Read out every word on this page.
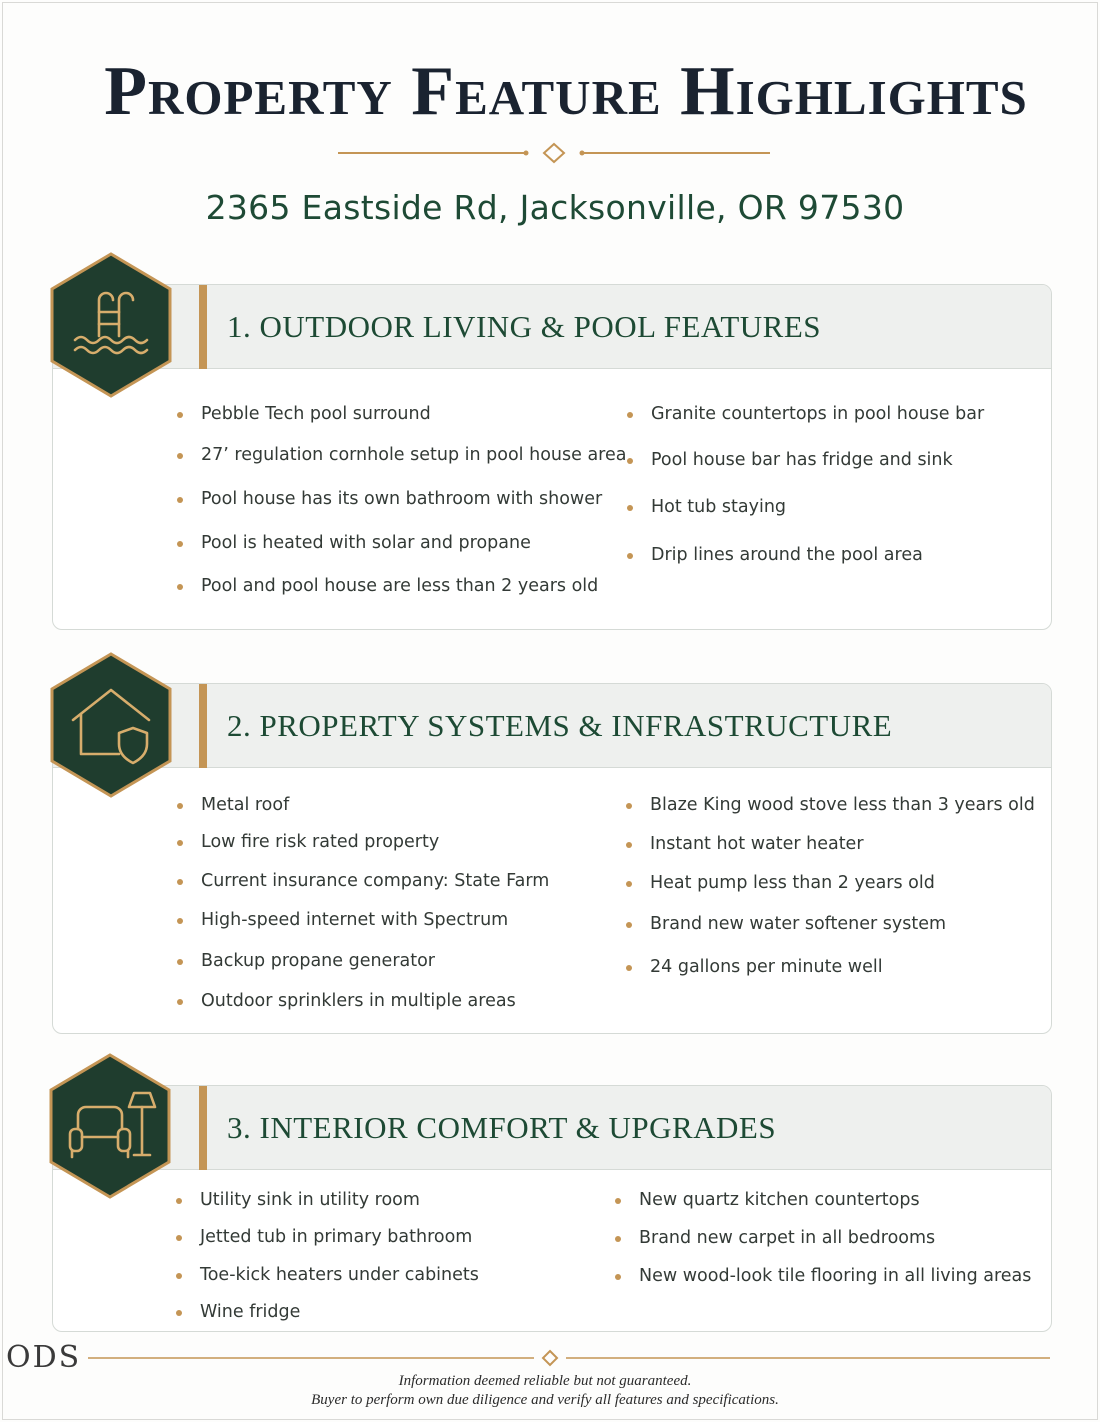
Property Feature Highlights
2365 Eastside Rd, Jacksonville, OR 97530
1. OUTDOOR LIVING & POOL FEATURES
Pebble Tech pool surround
27’ regulation cornhole setup in pool house area
Pool house has its own bathroom with shower
Pool is heated with solar and propane
Pool and pool house are less than 2 years old
Granite countertops in pool house bar
Pool house bar has fridge and sink
Hot tub staying
Drip lines around the pool area
2. PROPERTY SYSTEMS & INFRASTRUCTURE
Metal roof
Low fire risk rated property
Current insurance company: State Farm
High-speed internet with Spectrum
Backup propane generator
Outdoor sprinklers in multiple areas
Blaze King wood stove less than 3 years old
Instant hot water heater
Heat pump less than 2 years old
Brand new water softener system
24 gallons per minute well
3. INTERIOR COMFORT & UPGRADES
Utility sink in utility room
Jetted tub in primary bathroom
Toe-kick heaters under cabinets
Wine fridge
New quartz kitchen countertops
Brand new carpet in all bedrooms
New wood-look tile flooring in all living areas
ODS
Information deemed reliable but not guaranteed.
Buyer to perform own due diligence and verify all features and specifications.
